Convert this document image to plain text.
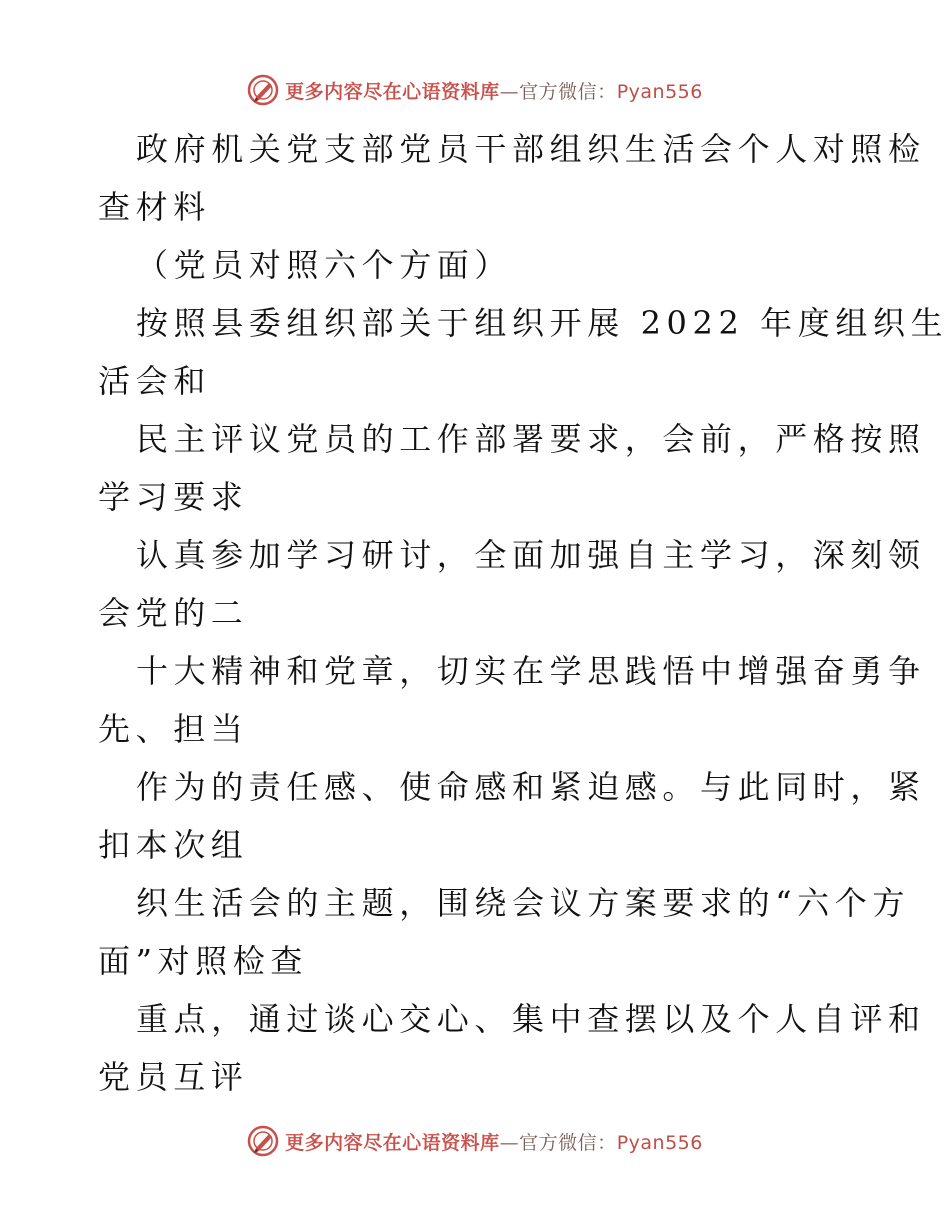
更多内容尽在心语资料库—官方微信：Pyan556

政府机关党支部党员干部组织生活会个人对照检
查材料

（党员对照六个方面）

按照县委组织部关于组织开展 2022 年度组织生
活会和

民主评议党员的工作部署要求，会前，严格按照
学习要求

认真参加学习研讨，全面加强自主学习，深刻领
会党的二

十大精神和党章，切实在学思践悟中增强奋勇争
先、担当

作为的责任感、使命感和紧迫感。与此同时，紧
扣本次组

织生活会的主题，围绕会议方案要求的“六个方
面”对照检查

重点，通过谈心交心、集中查摆以及个人自评和
党员互评

更多内容尽在心语资料库—官方微信：Pyan556
